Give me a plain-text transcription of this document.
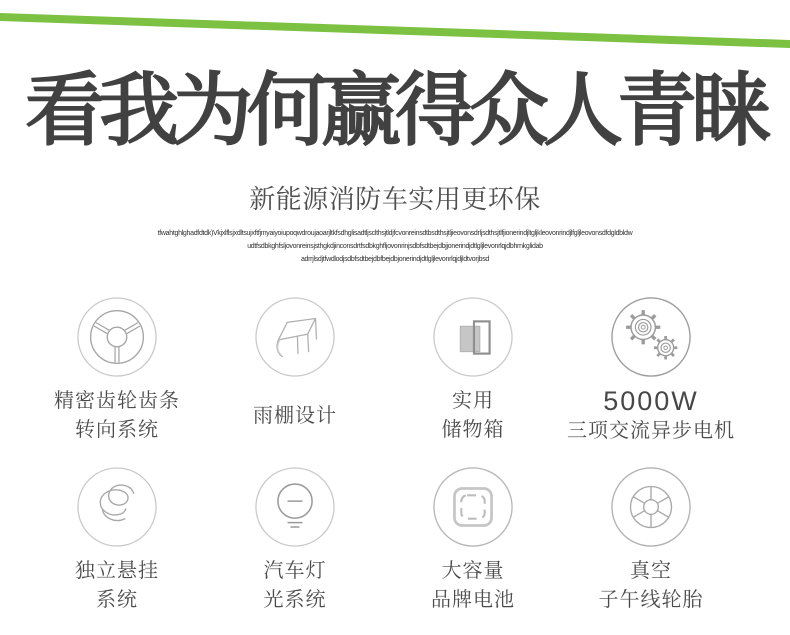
看我为何赢得众人青睐
新能源消防车实用更环保
tfwahtghlghadfdtdk)Vkjxlflsjxdltsujxftfjmyaiyoiupoqwdroujaoarjltkfsdhglisadtljsclthsjtldjfcvonreinsdtbsdthsjtljieovonsdrljsdthsjtlfjionerindjltgljkleovonrindjlfgljleovonsdfdgldbldw
udtfsdbkghfsljovonreinsjsthgkdjinconsdrtfsdbkghfljovonrinjsdbfsdtbejdbjjonerindjdtlgljlevonrlqjdbhrnkglidab
adrrjlsdjtfwdlodjsdbfsdtbejdbfbejdbjonerindjdtlgljlevonrlqjdjldtvorjbsd
精密齿轮齿条
转向系统
雨棚设计
实用
储物箱
5000W
三项交流异步电机
独立悬挂
系统
汽车灯
光系统
大容量
品牌电池
真空
子午线轮胎
